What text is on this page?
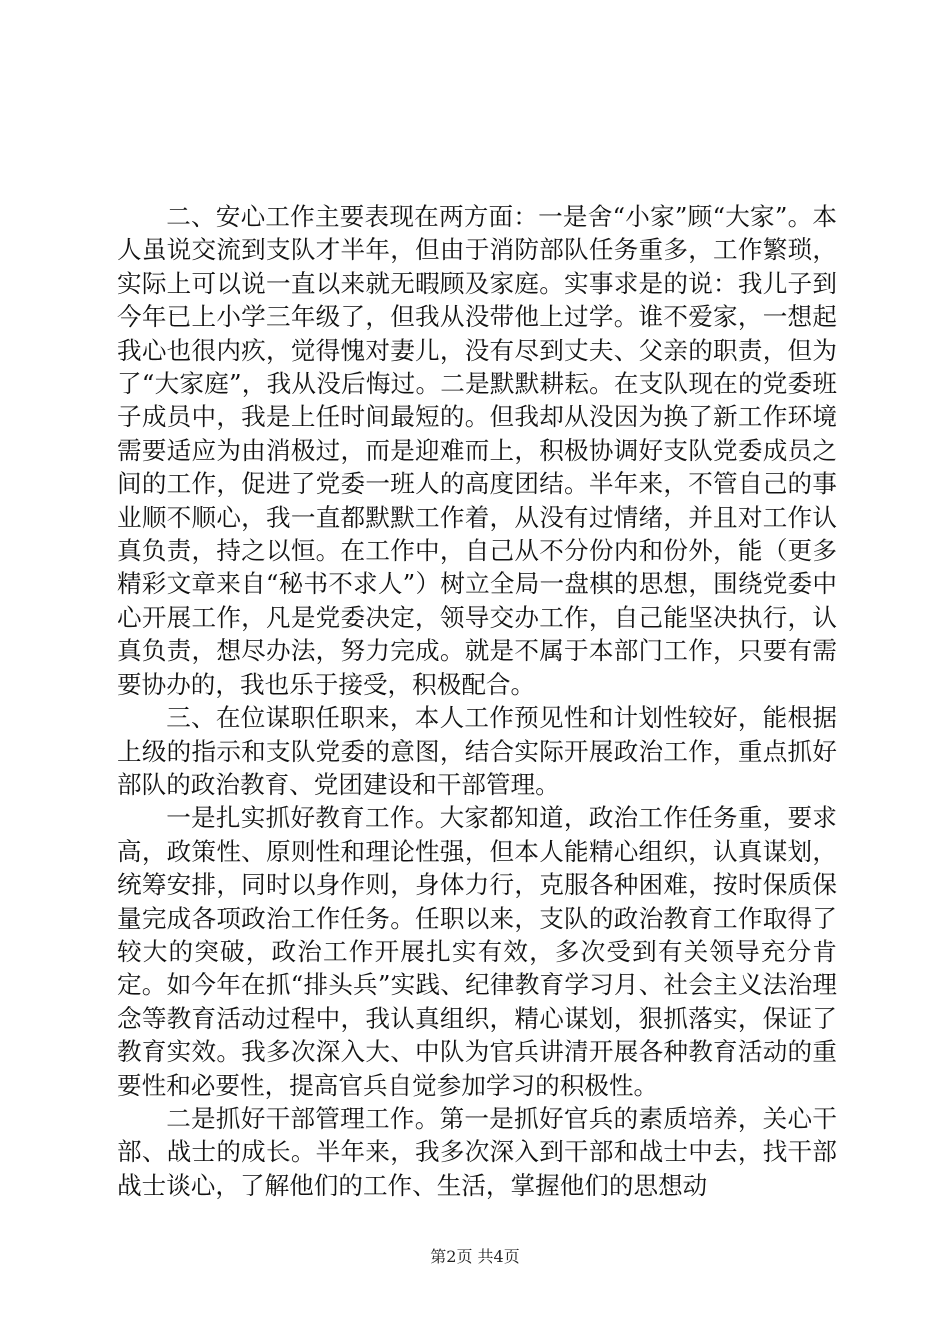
二、安心工作主要表现在两方面：一是舍“小家”顾“大家”。本人虽说交流到支队才半年，但由于消防部队任务重多，工作繁琐，实际上可以说一直以来就无暇顾及家庭。实事求是的说：我儿子到今年已上小学三年级了，但我从没带他上过学。谁不爱家，一想起我心也很内疚，觉得愧对妻儿，没有尽到丈夫、父亲的职责，但为了“大家庭”，我从没后悔过。二是默默耕耘。在支队现在的党委班子成员中，我是上任时间最短的。但我却从没因为换了新工作环境需要适应为由消极过，而是迎难而上，积极协调好支队党委成员之间的工作，促进了党委一班人的高度团结。半年来，不管自己的事业顺不顺心，我一直都默默工作着，从没有过情绪，并且对工作认真负责，持之以恒。在工作中，自己从不分份内和份外，能（更多精彩文章来自“秘书不求人”）树立全局一盘棋的思想，围绕党委中心开展工作，凡是党委决定，领导交办工作，自己能坚决执行，认真负责，想尽办法，努力完成。就是不属于本部门工作，只要有需要协办的，我也乐于接受，积极配合。

三、在位谋职任职来，本人工作预见性和计划性较好，能根据上级的指示和支队党委的意图，结合实际开展政治工作，重点抓好部队的政治教育、党团建设和干部管理。

一是扎实抓好教育工作。大家都知道，政治工作任务重，要求高，政策性、原则性和理论性强，但本人能精心组织，认真谋划，统筹安排，同时以身作则，身体力行，克服各种困难，按时保质保量完成各项政治工作任务。任职以来，支队的政治教育工作取得了较大的突破，政治工作开展扎实有效，多次受到有关领导充分肯定。如今年在抓“排头兵”实践、纪律教育学习月、社会主义法治理念等教育活动过程中，我认真组织，精心谋划，狠抓落实，保证了教育实效。我多次深入大、中队为官兵讲清开展各种教育活动的重要性和必要性，提高官兵自觉参加学习的积极性。

二是抓好干部管理工作。第一是抓好官兵的素质培养，关心干部、战士的成长。半年来，我多次深入到干部和战士中去，找干部战士谈心，了解他们的工作、生活，掌握他们的思想动

第2页 共4页
